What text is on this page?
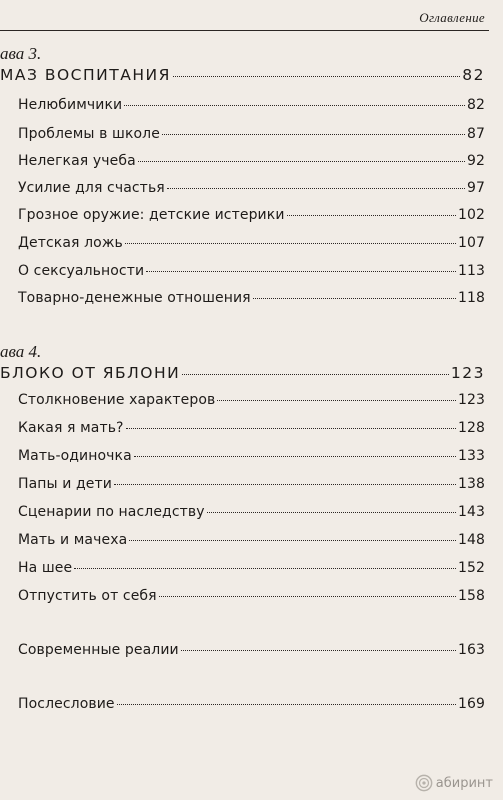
Оглавление
ава 3.
МАЗ ВОСПИТАНИЯ	82
Нелюбимчики	82
Проблемы в школе	87
Нелегкая учеба	92
Усилие для счастья	97
Грозное оружие: детские истерики	102
Детская ложь	107
О сексуальности	113
Товарно-денежные отношения	118
ава 4.
БЛОКО ОТ ЯБЛОНИ	123
Столкновение характеров	123
Какая я мать?	128
Мать-одиночка	133
Папы и дети	138
Сценарии по наследству	143
Мать и мачеха	148
На шее	152
Отпустить от себя	158
Современные реалии	163
Послесловие	169
абиринт
